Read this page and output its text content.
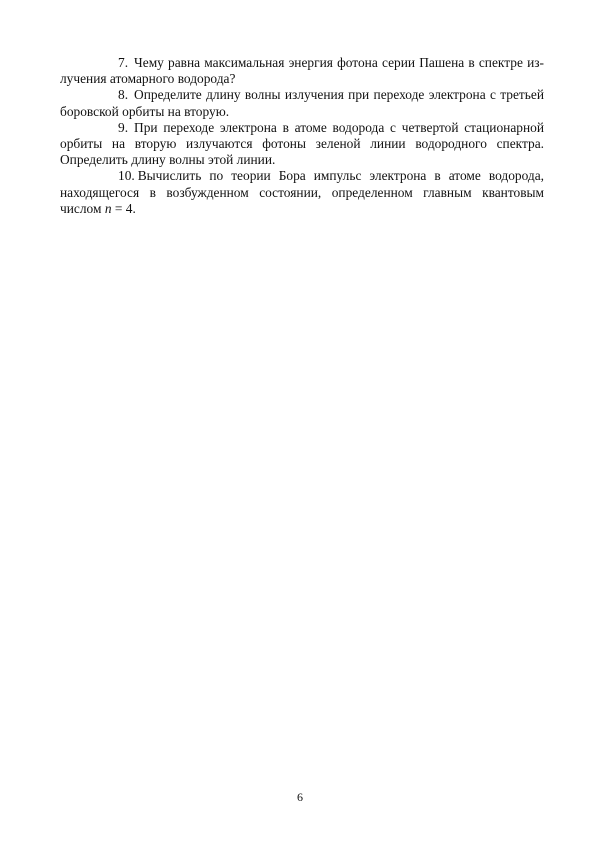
7. Чему равна максимальная энергия фотона серии Пашена в спектре излучения атомарного водорода?

8. Определите длину волны излучения при переходе электрона с третьей боровской орбиты на вторую.

9. При переходе электрона в атоме водорода с четвертой стационарной орбиты на вторую излучаются фотоны зеленой линии водородного спектра. Определить длину волны этой линии.

10. Вычислить по теории Бора импульс электрона в атоме водорода, находящегося в возбужденном состоянии, определенном главным квантовым числом n = 4.

6
